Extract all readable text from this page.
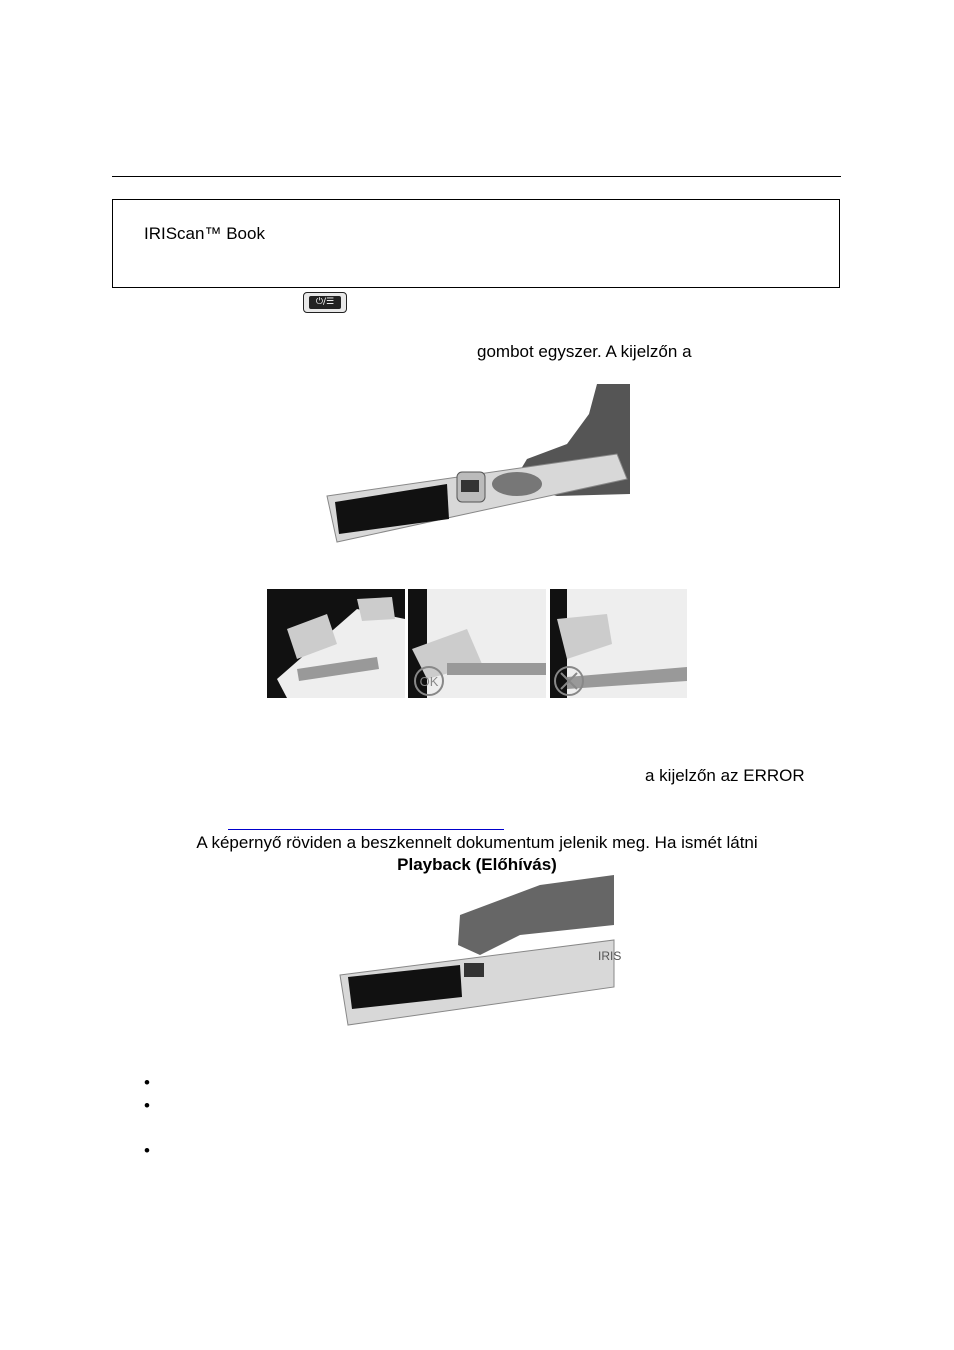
IRIScan™ Book
⏻/☰
gombot egyszer. A kijelzőn a
OK
a kijelzőn az ERROR
A képernyő röviden a beszkennelt dokumentum jelenik meg. Ha ismét látni
Playback (Előhívás)
IRIS
•
•
•
